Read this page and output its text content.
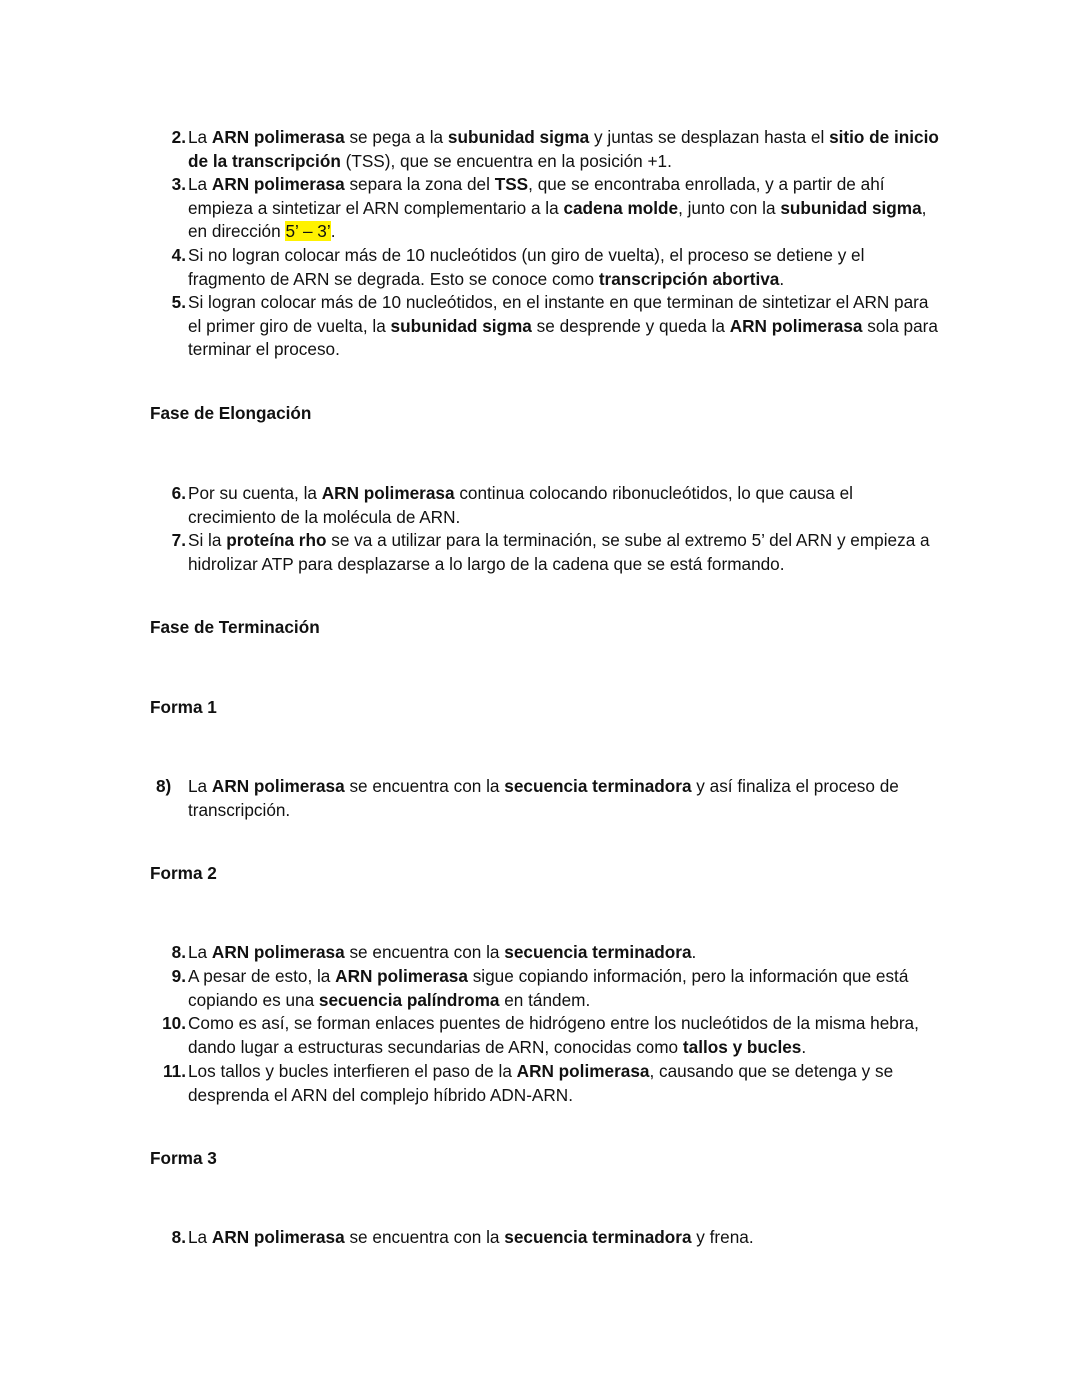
2. La ARN polimerasa se pega a la subunidad sigma y juntas se desplazan hasta el sitio de inicio de la transcripción (TSS), que se encuentra en la posición +1.
3. La ARN polimerasa separa la zona del TSS, que se encontraba enrollada, y a partir de ahí empieza a sintetizar el ARN complementario a la cadena molde, junto con la subunidad sigma, en dirección 5’ – 3’.
4. Si no logran colocar más de 10 nucleótidos (un giro de vuelta), el proceso se detiene y el fragmento de ARN se degrada. Esto se conoce como transcripción abortiva.
5. Si logran colocar más de 10 nucleótidos, en el instante en que terminan de sintetizar el ARN para el primer giro de vuelta, la subunidad sigma se desprende y queda la ARN polimerasa sola para terminar el proceso.
Fase de Elongación
6. Por su cuenta, la ARN polimerasa continua colocando ribonucleótidos, lo que causa el crecimiento de la molécula de ARN.
7. Si la proteína rho se va a utilizar para la terminación, se sube al extremo 5’ del ARN y empieza a hidrolizar ATP para desplazarse a lo largo de la cadena que se está formando.
Fase de Terminación
Forma 1
8) La ARN polimerasa se encuentra con la secuencia terminadora y así finaliza el proceso de transcripción.
Forma 2
8. La ARN polimerasa se encuentra con la secuencia terminadora.
9. A pesar de esto, la ARN polimerasa sigue copiando información, pero la información que está copiando es una secuencia palíndroma en tándem.
10. Como es así, se forman enlaces puentes de hidrógeno entre los nucleótidos de la misma hebra, dando lugar a estructuras secundarias de ARN, conocidas como tallos y bucles.
11. Los tallos y bucles interfieren el paso de la ARN polimerasa, causando que se detenga y se desprenda el ARN del complejo híbrido ADN-ARN.
Forma 3
8. La ARN polimerasa se encuentra con la secuencia terminadora y frena.
